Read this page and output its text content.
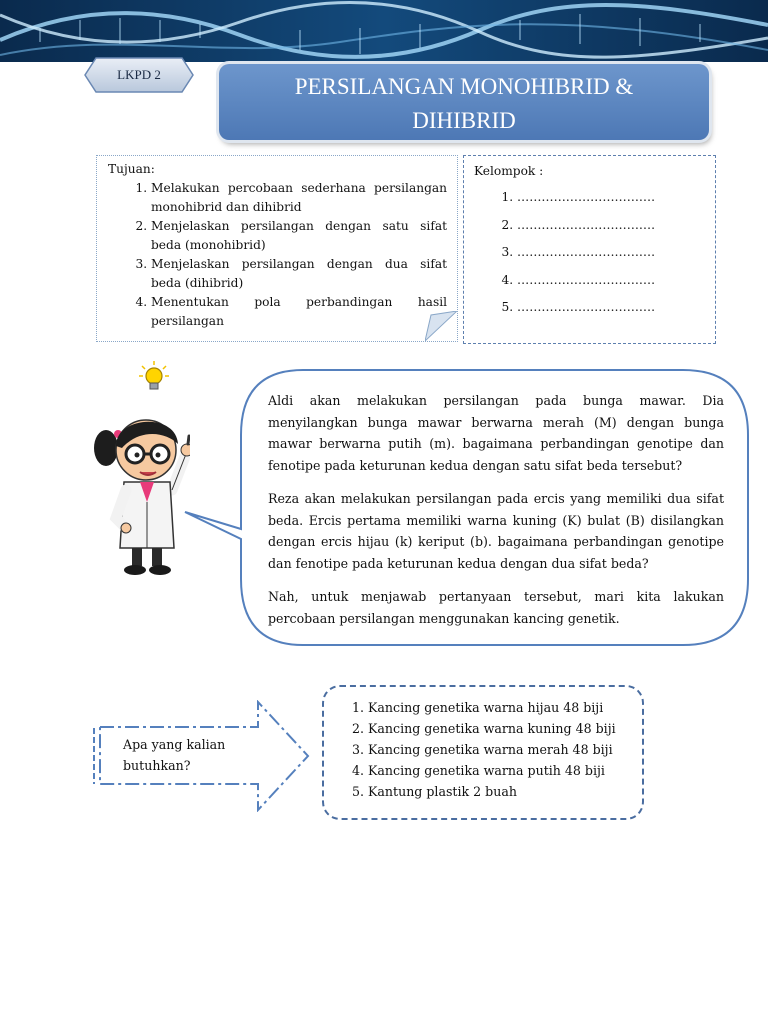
LKPD 2	PERSILANGAN MONOHIBRID &
DIHIBRID
Tujuan:
1. Melakukan percobaan sederhana persilangan monohibrid dan dihibrid
2. Menjelaskan persilangan dengan satu sifat beda (monohibrid)
3. Menjelaskan persilangan dengan dua sifat beda (dihibrid)
4. Menentukan pola perbandingan hasil persilangan
Kelompok :
1. …………………………….
2. …………………………….
3. …………………………….
4. …………………………….
5. …………………………….

Aldi akan melakukan persilangan pada bunga mawar. Dia menyilangkan bunga mawar berwarna merah (M) dengan bunga mawar berwarna putih (m). bagaimana perbandingan genotipe dan fenotipe pada keturunan kedua dengan satu sifat beda tersebut?

Reza akan melakukan persilangan pada ercis yang memiliki dua sifat beda. Ercis pertama memiliki warna kuning (K) bulat (B) disilangkan dengan ercis hijau (k) keriput (b). bagaimana perbandingan genotipe dan fenotipe pada keturunan kedua dengan dua sifat beda?

Nah, untuk menjawab pertanyaan tersebut, mari kita lakukan percobaan persilangan menggunakan kancing genetik.

Apa yang kalian butuhkan?
1. Kancing genetika warna hijau 48 biji
2. Kancing genetika warna kuning 48 biji
3. Kancing genetika warna merah 48 biji
4. Kancing genetika warna putih 48 biji
5. Kantung plastik 2 buah
